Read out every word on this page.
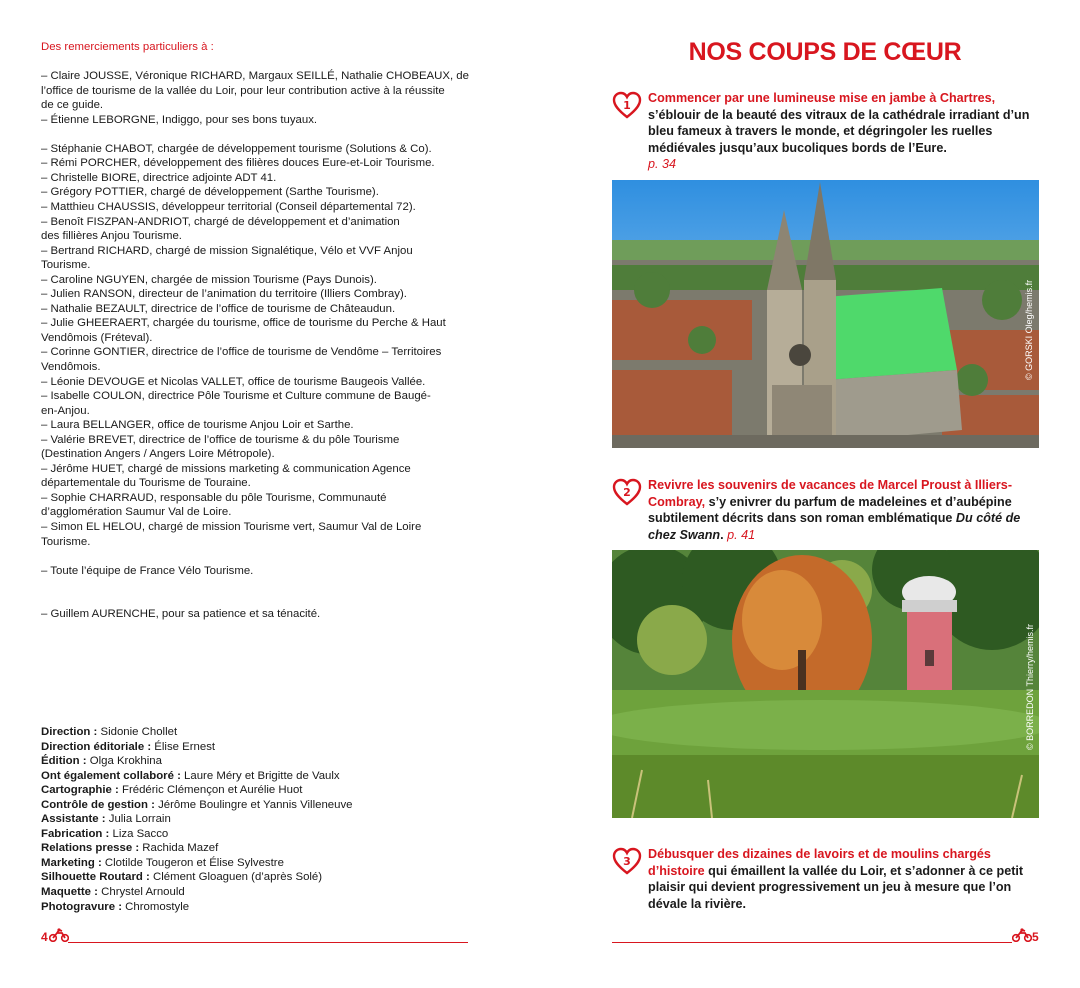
Des remerciements particuliers à :
– Claire JOUSSE, Véronique RICHARD, Margaux SEILLÉ, Nathalie CHOBEAUX, de
l’office de tourisme de la vallée du Loir, pour leur contribution active à la réussite
de ce guide.
– Étienne LEBORGNE, Indiggo, pour ses bons tuyaux.
– Stéphanie CHABOT, chargée de développement tourisme (Solutions & Co).
– Rémi PORCHER, développement des filières douces Eure-et-Loir Tourisme.
– Christelle BIORE, directrice adjointe ADT 41.
– Grégory POTTIER, chargé de développement (Sarthe Tourisme).
– Matthieu CHAUSSIS, développeur territorial (Conseil départemental 72).
– Benoît FISZPAN-ANDRIOT, chargé de développement et d’animation
des fillières Anjou Tourisme.
– Bertrand RICHARD, chargé de mission Signalétique, Vélo et VVF Anjou
Tourisme.
– Caroline NGUYEN, chargée de mission Tourisme (Pays Dunois).
– Julien RANSON, directeur de l’animation du territoire (Illiers Combray).
– Nathalie BEZAULT, directrice de l’office de tourisme de Châteaudun.
– Julie GHEERAERT, chargée du tourisme, office de tourisme du Perche & Haut
Vendômois (Fréteval).
– Corinne GONTIER, directrice de l’office de tourisme de Vendôme – Territoires
Vendômois.
– Léonie DEVOUGE et Nicolas VALLET, office de tourisme Baugeois Vallée.
– Isabelle COULON, directrice Pôle Tourisme et Culture commune de Baugé-
en-Anjou.
– Laura BELLANGER, office de tourisme Anjou Loir et Sarthe.
– Valérie BREVET, directrice de l’office de tourisme & du pôle Tourisme
(Destination Angers / Angers Loire Métropole).
– Jérôme HUET, chargé de missions marketing & communication Agence
départementale du Tourisme de Touraine.
– Sophie CHARRAUD, responsable du pôle Tourisme, Communauté
d’agglomération Saumur Val de Loire.
– Simon EL HELOU, chargé de mission Tourisme vert, Saumur Val de Loire
Tourisme.
– Toute l’équipe de France Vélo Tourisme.
– Guillem AURENCHE, pour sa patience et sa ténacité.
Direction : Sidonie Chollet
Direction éditoriale : Élise Ernest
Édition : Olga Krokhina
Ont également collaboré : Laure Méry et Brigitte de Vaulx
Cartographie : Frédéric Clémençon et Aurélie Huot
Contrôle de gestion : Jérôme Boulingre et Yannis Villeneuve
Assistante : Julia Lorrain
Fabrication : Liza Sacco
Relations presse : Rachida Mazef
Marketing : Clotilde Tougeron et Élise Sylvestre
Silhouette Routard : Clément Gloaguen (d’après Solé)
Maquette : Chrystel Arnould
Photogravure : Chromostyle
NOS COUPS DE CŒUR
1
Commencer par une lumineuse mise en jambe à Chartres, s’éblouir de la beauté des vitraux de la cathédrale irradiant d’un bleu fameux à travers le monde, et dégringoler les ruelles médiévales jusqu’aux bucoliques bords de l’Eure.
p. 34
© GORSKI Oleg/hemis.fr
2
Revivre les souvenirs de vacances de Marcel Proust à Illiers-Combray, s’y enivrer du parfum de madeleines et d’aubépine subtilement décrits dans son roman emblématique Du côté de chez Swann. p. 41
© BORREDON Thierry/hemis.fr
3
Débusquer des dizaines de lavoirs et de moulins chargés d’histoire qui émaillent la vallée du Loir, et s’adonner à ce petit plaisir qui devient progressivement un jeu à mesure que l’on dévale la rivière.
4	5
